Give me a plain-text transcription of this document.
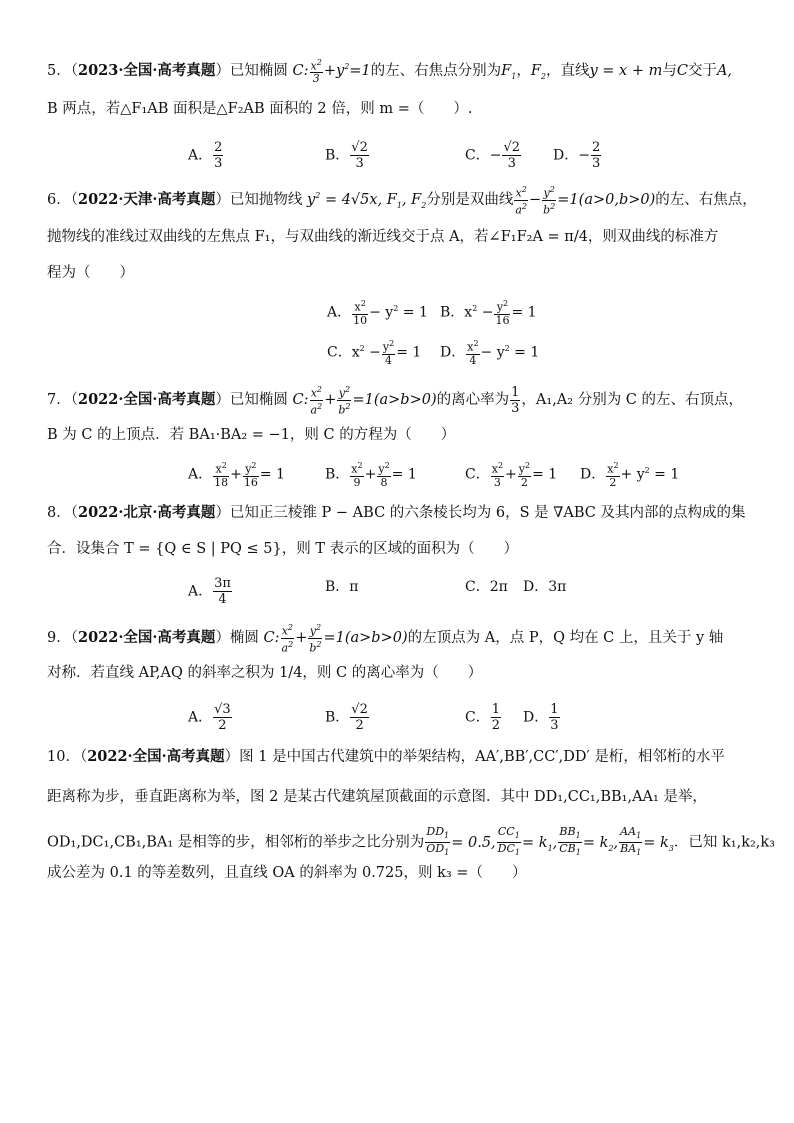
5．（2023·全国·高考真题）已知椭圆 C: $\frac{x^2}{3} +y^2=1$的左、右焦点分别为$F_1$，$F_2$，直线y = x + m与C交于A,
B 两点，若△F₁AB 面积是△F₂AB 面积的 2 倍，则 m =（　　）.
A． $\frac{2}{3}$	B． $\frac{√2}{3}$	C．− $\frac{√2}{3}$ D．− $\frac{2}{3}$
6．（2022·天津·高考真题）已知抛物线 $y^2 = 4√5x$, $F_1$, $F_2$分别是双曲线 $\frac{x^2}{a^2} - \frac{y^2}{b^2} =1(a>0,b>0)$的左、右焦点，
抛物线的准线过双曲线的左焦点 F₁，与双曲线的渐近线交于点 A，若∠F₁F₂A = π/4，则双曲线的标准方
程为（　　）
A． $\frac{x^2}{10} - y^2 = 1$ B．$x^2 - \frac{y^2}{16} = 1$
C．$x^2 - \frac{y^2}{4} = 1$ D． $\frac{x^2}{4} - y^2 = 1$
7．（2022·全国·高考真题）已知椭圆 C: $\frac{x^2}{a^2} + \frac{y^2}{b^2} =1(a>b>0)$的离心率为 $\frac{1}{3}$ ，A₁,A₂ 分别为 C 的左、右顶点，
B 为 C 的上顶点．若 BA₁·BA₂ = −1，则 C 的方程为（　　）
A． $\frac{x^2}{18} + \frac{y^2}{16} = 1$	B． $\frac{x^2}{9} + \frac{y^2}{8} = 1$	C． $\frac{x^2}{3} + \frac{y^2}{2} = 1$ D． $\frac{x^2}{2} + y^2 = 1$
8．（2022·北京·高考真题）已知正三棱锥 P − ABC 的六条棱长均为 6，S 是 ∇ABC 及其内部的点构成的集
合．设集合 T = {Q ∈ S | PQ ≤ 5}，则 T 表示的区域的面积为（　　）
A． $\frac{3\pi}{4}$	B．π	C．2π D．3π
9．（2022·全国·高考真题）椭圆 C: $\frac{x^2}{a^2} + \frac{y^2}{b^2} =1(a>b>0)$的左顶点为 A，点 P，Q 均在 C 上，且关于 y 轴
对称．若直线 AP,AQ 的斜率之积为 1/4，则 C 的离心率为（　　）
A． $\frac{√3}{2}$	B． $\frac{√2}{2}$	C． $\frac{1}{2}$ D． $\frac{1}{3}$
10．（2022·全国·高考真题）图 1 是中国古代建筑中的举架结构，AA′,BB′,CC′,DD′ 是桁，相邻桁的水平
距离称为步，垂直距离称为举，图 2 是某古代建筑屋顶截面的示意图．其中 DD₁,CC₁,BB₁,AA₁ 是举，
OD₁,DC₁,CB₁,BA₁ 是相等的步，相邻桁的举步之比分别为 $\frac{DD_1}{OD_1} = 0.5$, $\frac{CC_1}{DC_1} = k_1$, $\frac{BB_1}{CB_1} = k_2$, $\frac{AA_1}{BA_1} = k_3$．已知 k₁,k₂,k₃
成公差为 0.1 的等差数列，且直线 OA 的斜率为 0.725，则 k₃ =（　　）
